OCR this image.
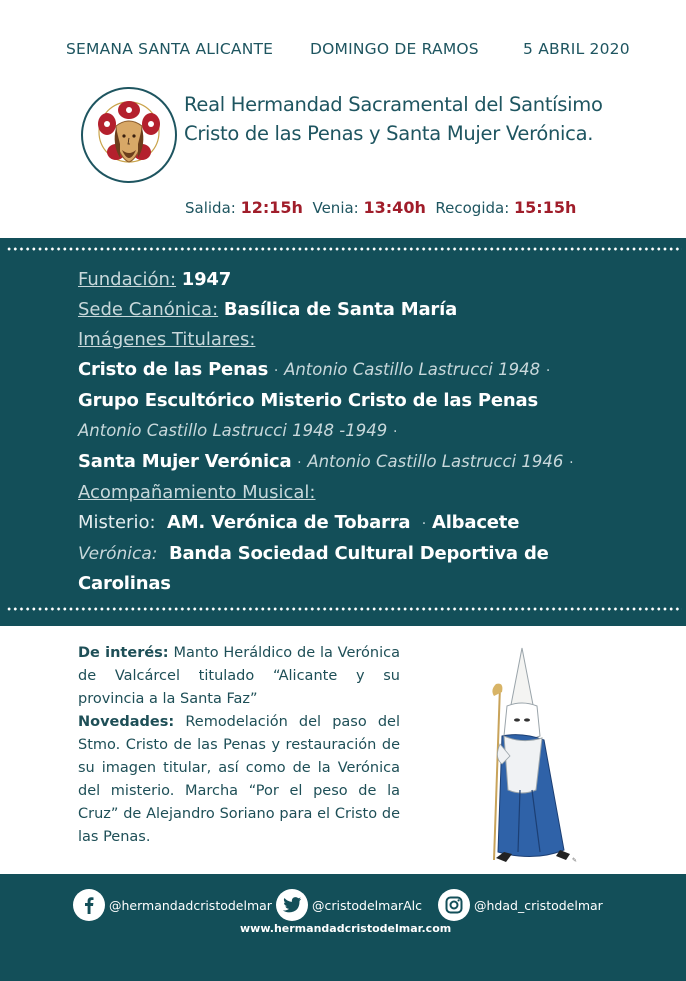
SEMANA SANTA ALICANTE DOMINGO DE RAMOS	5 ABRIL 2020
Real Hermandad Sacramental del Santísimo
Cristo de las Penas y Santa Mujer Verónica.
Salida: 12:15h Venia: 13:40h Recogida: 15:15h
Fundación: 1947
Sede Canónica: Basílica de Santa María
Imágenes Titulares:
Cristo de las Penas · Antonio Castillo Lastrucci 1948 ·
Grupo Escultórico Misterio Cristo de las Penas
Antonio Castillo Lastrucci 1948 -1949 ·
Santa Mujer Verónica · Antonio Castillo Lastrucci 1946 ·
Acompañamiento Musical:
Misterio: AM. Verónica de Tobarra · Albacete
Verónica: Banda Sociedad Cultural Deportiva de
Carolinas
De interés: Manto Heráldico de la Verónica de Valcárcel titulado “Alicante y su provincia a la Santa Faz”
Novedades: Remodelación del paso del Stmo. Cristo de las Penas y restauración de su imagen titular, así como de la Verónica del misterio. Marcha “Por el peso de la Cruz” de Alejandro Soriano para el Cristo de las Penas.
✎
@hermandadcristodelmar	@cristodelmarAlc	@hdad_cristodelmar
www.hermandadcristodelmar.com
